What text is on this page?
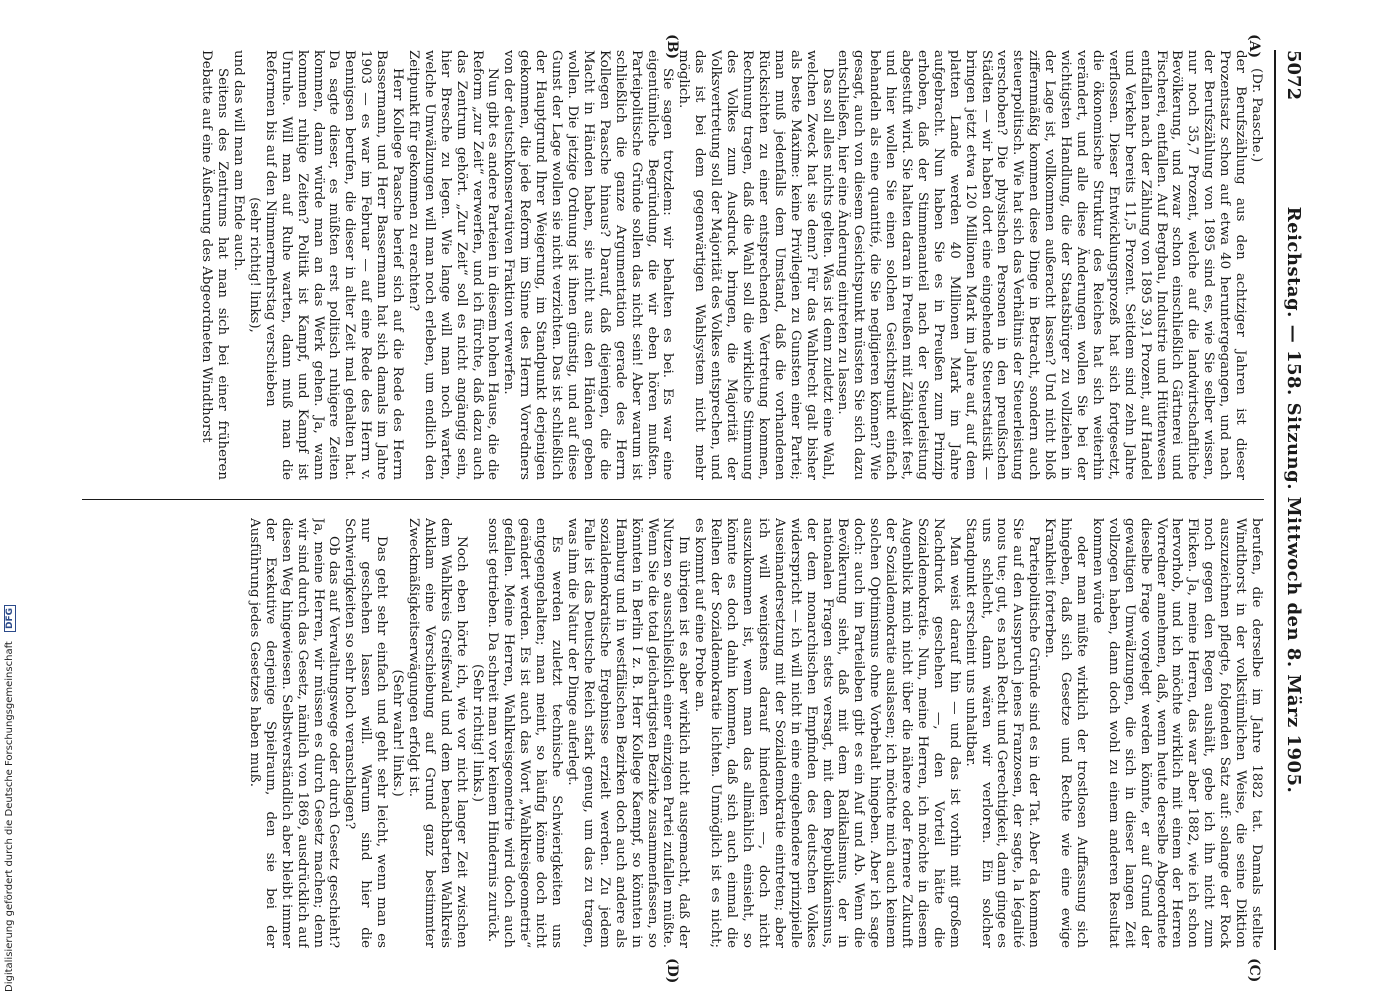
Digitalisierung gefördert durch die Deutsche Forschungsgemeinschaft DFG
5072
Reichstag. — 158. Sitzung. Mittwoch den 8. März 1905.
(A)
(B)
(C)
(D)

(Dr. Paasche.)

der Berufszählung aus den achtziger Jahren ist dieser Prozentsatz schon auf etwa 40 heruntergegangen, und nach der Berufszählung von 1895 sind es, wie Sie selber wissen, nur noch 35,7 Prozent, welche auf die landwirtschaftliche Bevölkerung, und zwar schon einschließlich Gärtnerei und Fischerei, entfallen. Auf Bergbau, Industrie und Hüttenwesen entfallen nach der Zählung von 1895 39,1 Prozent, auf Handel und Verkehr bereits 11,5 Prozent. Seitdem sind zehn Jahre verflossen. Dieser Entwicklungsprozeß hat sich fortgesetzt, die ökonomische Struktur des Reiches hat sich weiterhin verändert, und alle diese Änderungen wollen Sie bei der wichtigsten Handlung, die der Staatsbürger zu vollziehen in der Lage ist, vollkommen außeracht lassen? Und nicht bloß ziffernmäßig kommen diese Dinge in Betracht, sondern auch steuerpolitisch. Wie hat sich das Verhältnis der Steuerleistung verschoben? Die physischen Personen in den preußischen Städten — wir haben dort eine eingehende Steuerstatistik — bringen jetzt etwa 120 Millionen Mark im Jahre auf, auf dem platten Lande werden 40 Millionen Mark im Jahre aufgebracht. Nun haben Sie es in Preußen zum Prinzip erhoben, daß der Stimmenanteil nach der Steuerleistung abgestuft wird. Sie halten daran in Preußen mit Zähigkeit fest, und hier wollen Sie einen solchen Gesichtspunkt einfach behandeln als eine quantité, die Sie negligieren können? Wie gesagt, auch von diesem Gesichtspunkt müssten Sie sich dazu entschließen, hier eine Änderung eintreten zu lassen.

Das soll alles nichts gelten. Was ist denn zuletzt eine Wahl, welchen Zweck hat sie denn? Für das Wahlrecht galt bisher als beste Maxime: keine Privilegien zu Gunsten einer Partei; man muß jedenfalls dem Umstand, daß die vorhandenen Rücksichten zu einer entsprechenden Vertretung kommen, Rechnung tragen, daß die Wahl soll die wirkliche Stimmung des Volkes zum Ausdruck bringen, die Majorität der Volksvertretung soll der Majorität des Volkes entsprechen, und das ist bei dem gegenwärtigen Wahlsystem nicht mehr möglich.

Sie sagen trotzdem: wir behalten es bei. Es war eine eigentümliche Begründung, die wir eben hören mußten. Parteipolitische Gründe sollen das nicht sein! Aber warum ist schließlich die ganze Argumentation gerade des Herrn Kollegen Paasche hinaus? Darauf, daß diejenigen, die die Macht in Händen haben, sie nicht aus den Händen geben wollen. Die jetzige Ordnung ist ihnen günstig, und auf diese Gunst der Lage wollen sie nicht verzichten. Das ist schließlich der Hauptgrund Ihrer Weigerung, im Standpunkt derjenigen gekommen, die jede Reform im Sinne des Herrn Vorredners von der deutschkonservativen Fraktion verwerfen.

Nun gibt es andere Parteien in diesem hohen Hause, die die Reform „zur Zeit“ verwerfen, und ich fürchte, daß dazu auch das Zentrum gehört. „Zur Zeit“ soll es nicht angängig sein, hier Bresche zu legen. Wie lange will man noch warten, welche Umwälzungen will man noch erleben, um endlich den Zeitpunkt für gekommen zu erachten?

Herr Kollege Paasche berief sich auf die Rede des Herrn Bassermann, und Herr Bassermann hat sich damals im Jahre 1903 — es war im Februar — auf eine Rede des Herrn v. Bennigsen berufen, die dieser in alter Zeit mal gehalten hat. Da sagte dieser, es müßten erst politisch ruhigere Zeiten kommen, dann würde man an das Werk gehen. Ja, wann kommen ruhige Zeiten? Politik ist Kampf, und Kampf ist Unruhe. Will man auf Ruhe warten, dann muß man die Reformen bis auf den Nimmermehrstag verschieben

(sehr richtig! links),

und das will man am Ende auch.

Seitens des Zentrums hat man sich bei einer früheren Debatte auf eine Äußerung des Abgeordneten Windthorst

berufen, die derselbe im Jahre 1882 tat. Damals stellte Windthorst in der volkstümlichen Weise, die seine Diktion auszuzeichnen pflegte, folgenden Satz auf: solange der Rock noch gegen den Regen aushält, gebe ich ihn nicht zum Flicken. Ja, meine Herren, das war aber 1882, wie ich schon hervorhob, und ich möchte wirklich mit einem der Herren Vorredner annehmen, daß, wenn heute derselbe Abgeordnete dieselbe Frage vorgelegt werden könnte, er auf Grund der gewaltigen Umwälzungen, die sich in dieser langen Zeit vollzogen haben, dann doch wohl zu einem anderen Resultat kommen würde

oder man müßte wirklich der trostlosen Auffassung sich hingeben, daß sich Gesetze und Rechte wie eine ewige Krankheit forterben.

Parteipolitische Gründe sind es in der Tat. Aber da kommen Sie auf den Ausspruch jenes Franzosen, der sagte, la légalité nous tue; gut, es nach Recht und Gerechtigkeit, dann ginge es uns schlecht, dann wären wir verloren. Ein solcher Standpunkt erscheint uns unhaltbar.

Man weist darauf hin — und das ist vorhin mit großem Nachdruck geschehen —, den Vorteil hätte die Sozialdemokratie. Nun, meine Herren, ich möchte in diesem Augenblick mich nicht über die nähere oder fernere Zukunft der Sozialdemokratie auslassen; ich möchte mich auch keinem solchen Optimismus ohne Vorbehalt hingeben. Aber ich sage doch: auch im Parteileben gibt es ein Auf und Ab. Wenn die Bevölkerung sieht, daß mit dem Radikalismus, der in nationalen Fragen stets versagt, mit dem Republikanismus, der dem monarchischen Empfinden des deutschen Volkes widerspricht — ich will nicht in eine eingehendere prinzipielle Auseinandersetzung mit der Sozialdemokratie eintreten; aber ich will wenigstens darauf hindeuten —, doch nicht auszukommen ist, wenn man das allmählich einsieht, so könnte es doch dahin kommen, daß sich auch einmal die Reihen der Sozialdemokratie lichten. Unmöglich ist es nicht; es kommt auf eine Probe an.

Im übrigen ist es aber wirklich nicht ausgemacht, daß der Nutzen so ausschließlich einer einzigen Partei zufallen müßte. Wenn Sie die total gleichartigsten Bezirke zusammenfassen, so könnten in Berlin I z. B. Herr Kollege Kaempf, so könnten in Hamburg und in westfälischen Bezirken doch auch andere als sozialdemokratische Ergebnisse erzielt werden. Zu jedem Falle ist das Deutsche Reich stark genug, um das zu tragen, was ihm die Natur der Dinge auferlegt.

Es werden zuletzt technische Schwierigkeiten uns entgegengehalten; man meint, so häufig könne doch nicht geändert werden. Es ist auch das Wort „Wahlkreisgeometrie“ gefallen. Meine Herren, Wahlkreisgeometrie wird doch auch sonst getrieben. Da schreit man vor keinem Hindernis zurück.

(Sehr richtig! links.)

Noch eben hörte ich, wie vor nicht langer Zeit zwischen dem Wahlkreis Greifswald und dem benachbarten Wahlkreis Anklam eine Verschiebung auf Grund ganz bestimmter Zweckmäßigkeitserwägungen erfolgt ist.

(Sehr wahr! links.)

Das geht sehr einfach und geht sehr leicht, wenn man es nur geschehen lassen will. Warum sind hier die Schwierigkeiten so sehr hoch veranschlagen?

Ob das auf Verwaltungswege oder durch Gesetz geschieht? Ja, meine Herren, wir müssen es durch Gesetz machen; denn wir sind durch das Gesetz, nämlich von 1869, ausdrücklich auf diesen Weg hingewiesen. Selbstverständlich aber bleibt immer der Exekutive derjenige Spielraum, den sie bei der Ausführung jedes Gesetzes haben muß.
